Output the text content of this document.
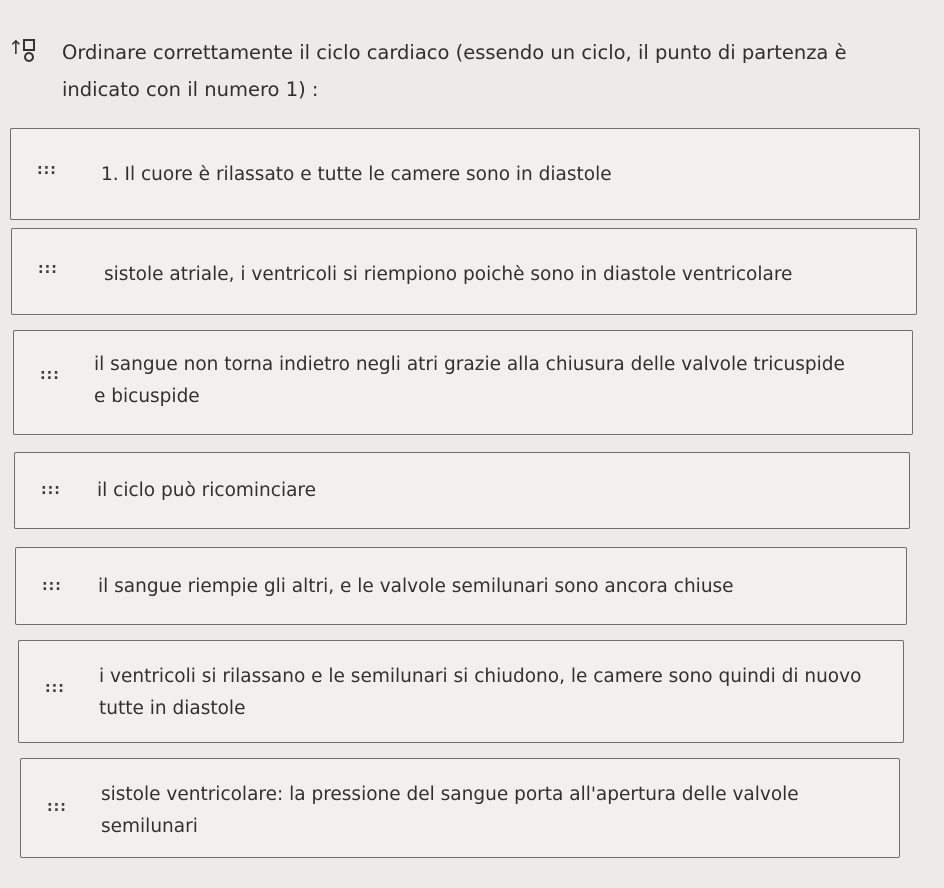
↑ Ordinare correttamente il ciclo cardiaco (essendo un ciclo, il punto di partenza è indicato con il numero 1) :
::: 1. Il cuore è rilassato e tutte le camere sono in diastole
::: sistole atriale, i ventricoli si riempiono poichè sono in diastole ventricolare
::: il sangue non torna indietro negli atri grazie alla chiusura delle valvole tricuspide e bicuspide
::: il ciclo può ricominciare
::: il sangue riempie gli altri, e le valvole semilunari sono ancora chiuse
:::
i ventricoli si rilassano e le semilunari si chiudono, le camere sono quindi di nuovo tutte in diastole
:::
sistole ventricolare: la pressione del sangue porta all'apertura delle valvole semilunari
